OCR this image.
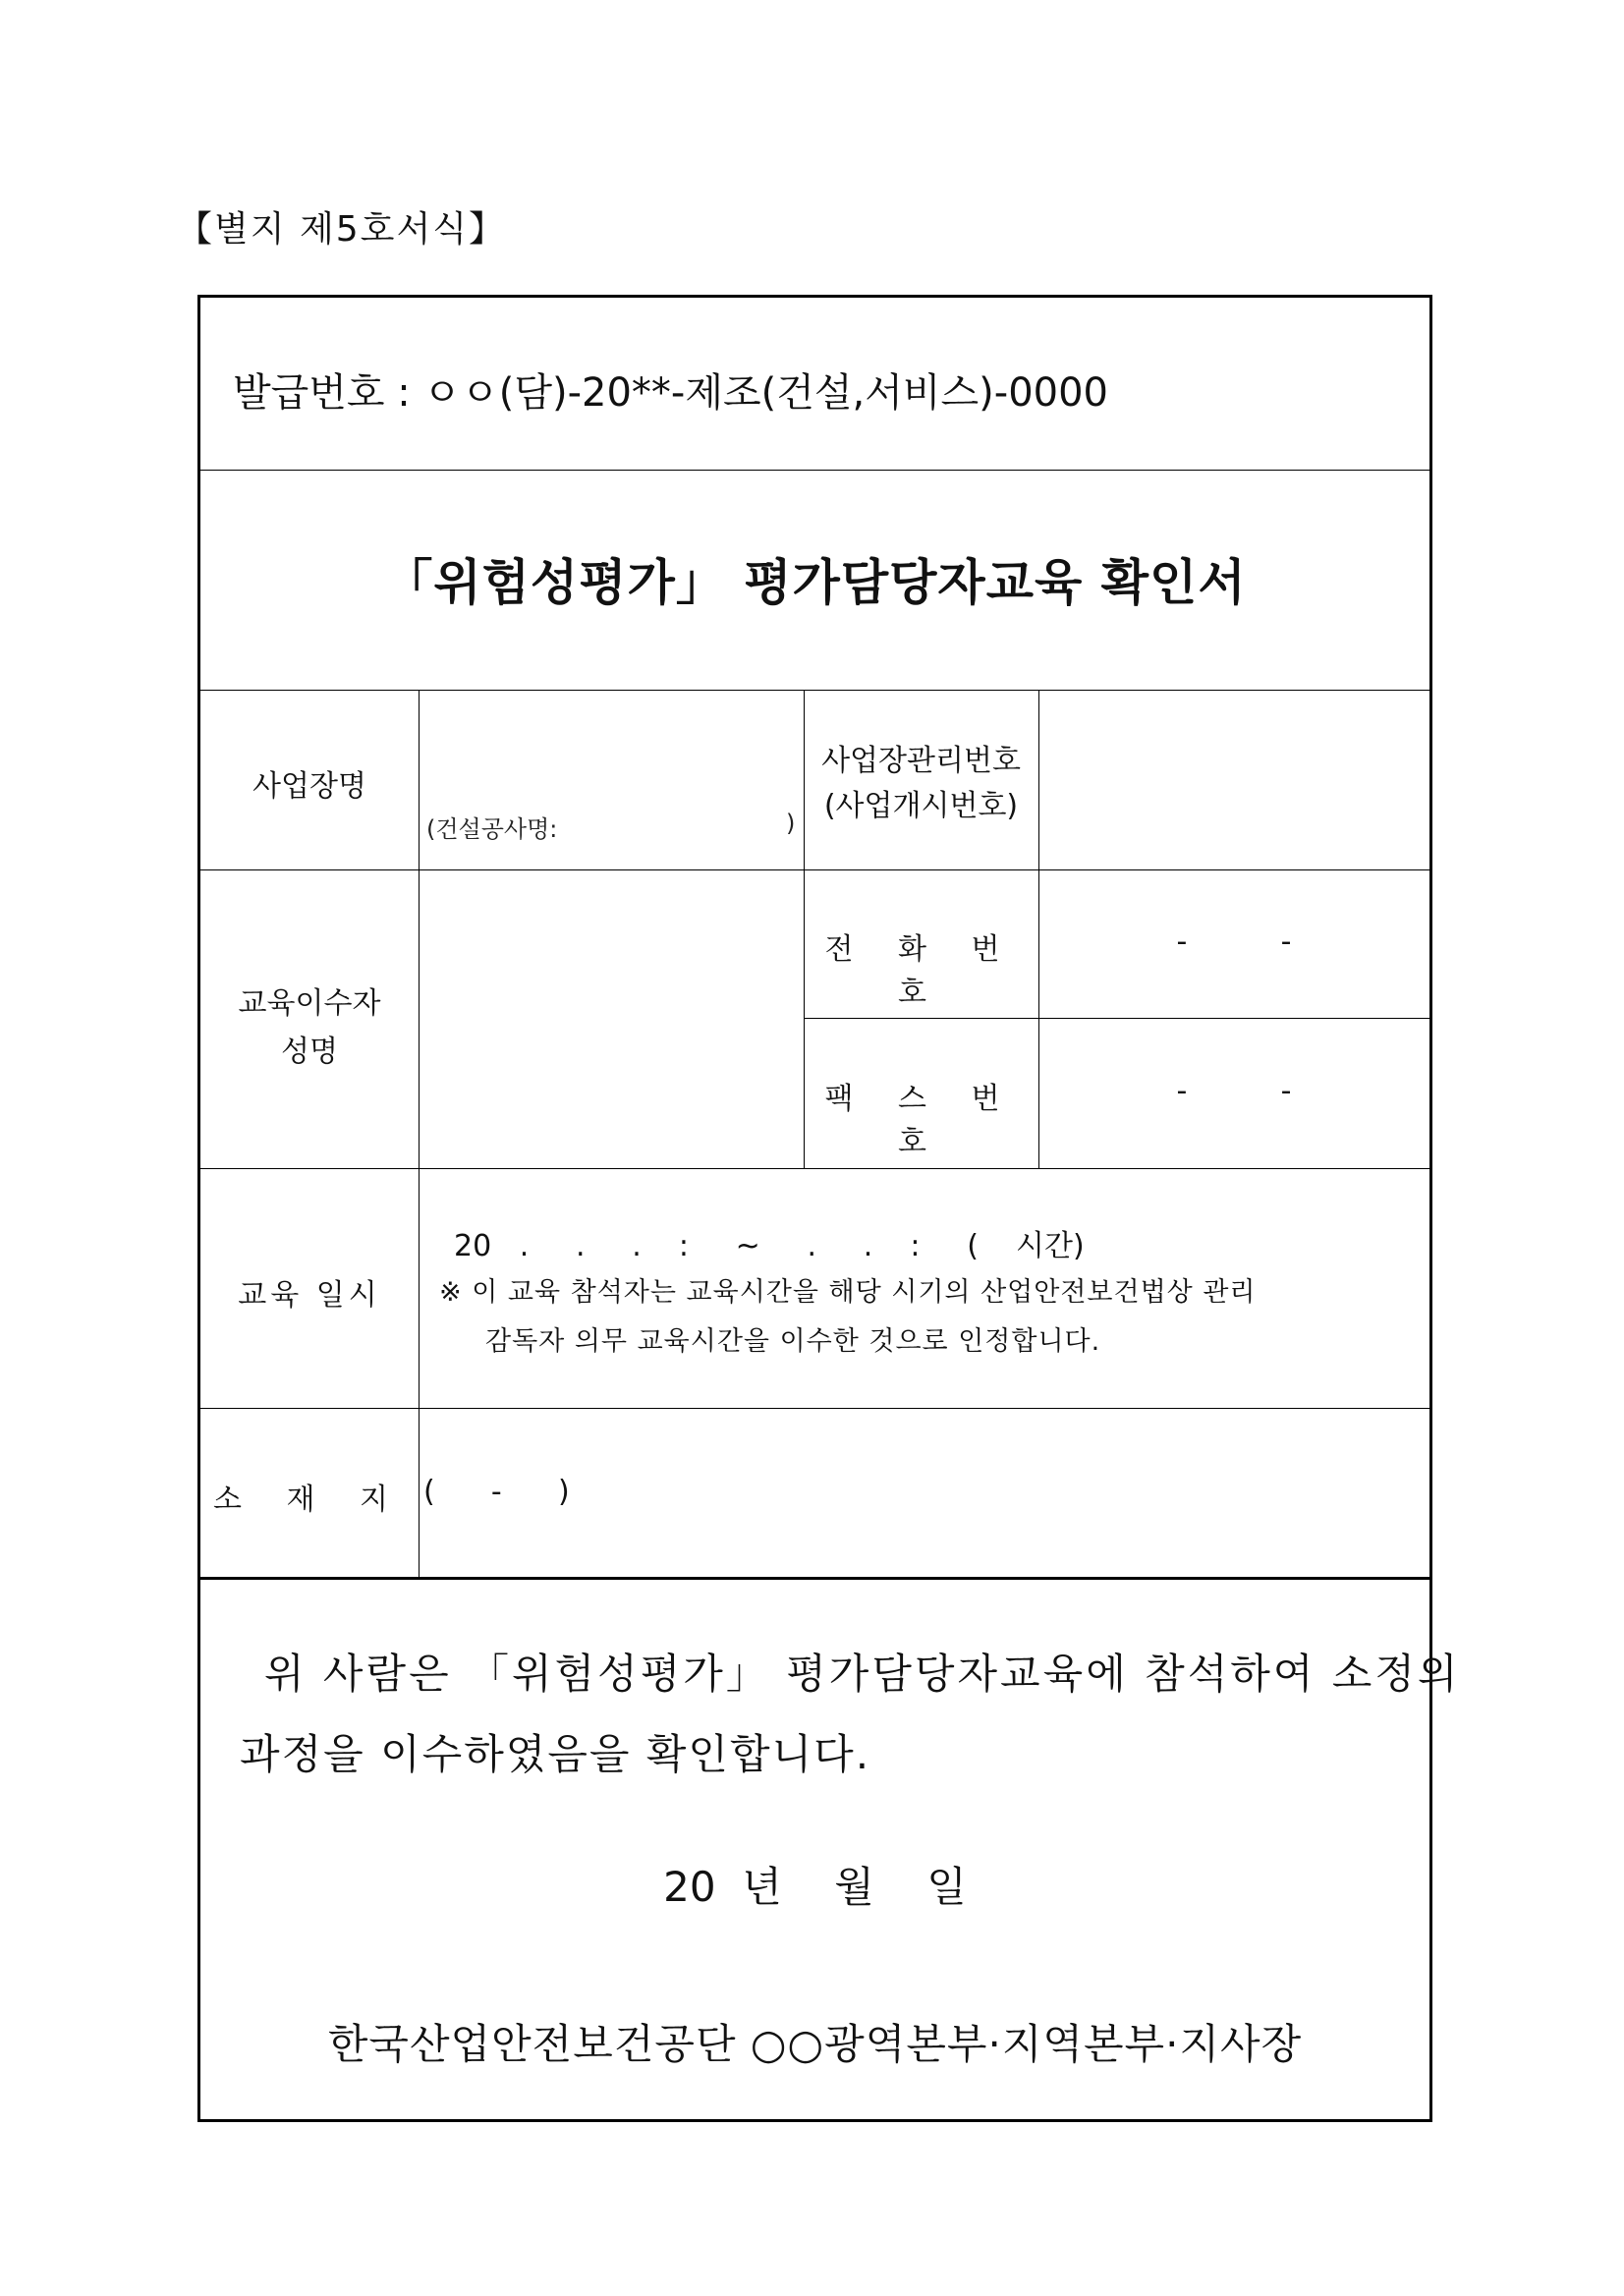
【별지 제5호서식】
발급번호 : ㅇㅇ(담)-20**-제조(건설,서비스)-0000
「위험성평가」 평가담당자교육 확인서
사업장명
(건설공사명:	)
사업장관리번호
(사업개시번호)
교육이수자
성명
전 화 번 호
-          -
팩 스 번 호
-          -
교육 일시
20   .     .     .    :     ~     .     .    :     (    시간)
※ 이 교육 참석자는 교육시간을 해당 시기의 산업안전보건법상 관리
감독자 의무 교육시간을 이수한 것으로 인정합니다.
소 재 지 (      -      )
위 사람은 「위험성평가」 평가담당자교육에 참석하여 소정의
과정을 이수하였음을 확인합니다.
20  년    월    일
한국산업안전보건공단 ○○광역본부·지역본부·지사장
